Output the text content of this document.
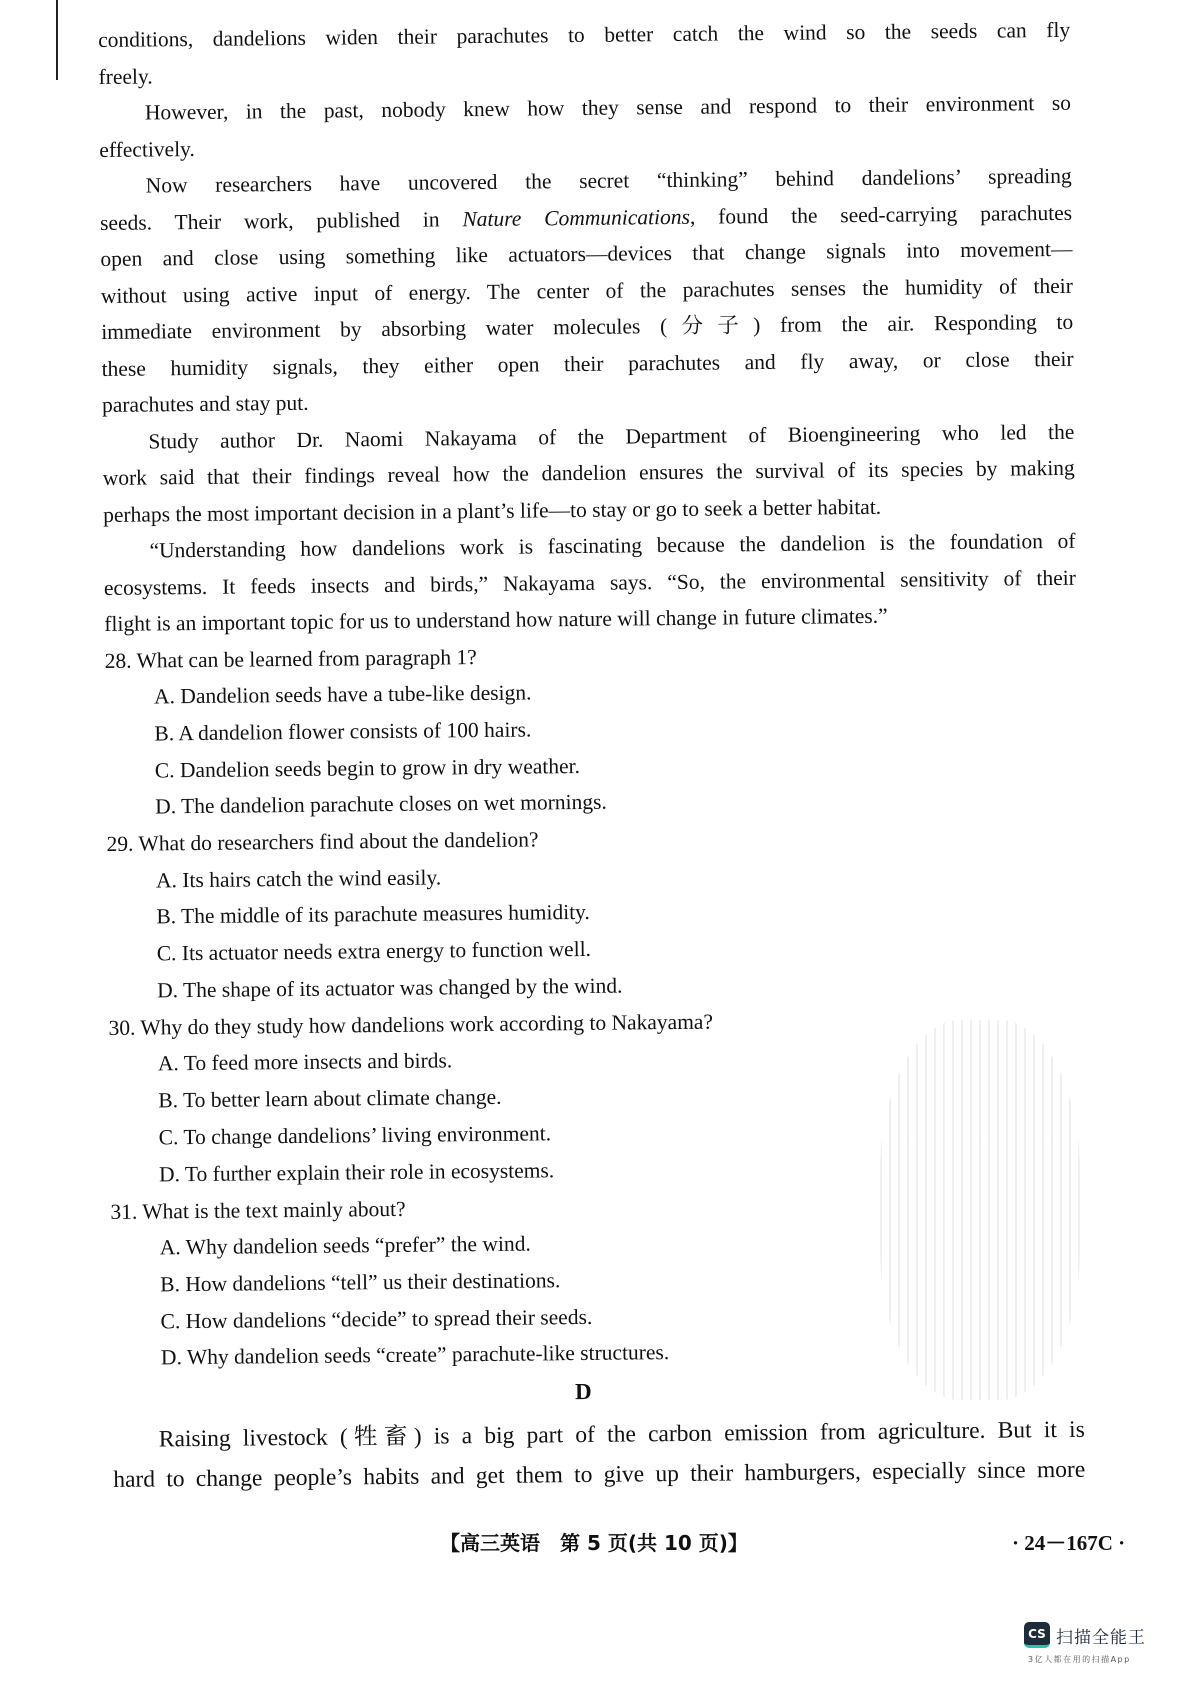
conditions, dandelions widen their parachutes to better catch the wind so the seeds can fly
freely.
However, in the past, nobody knew how they sense and respond to their environment so
effectively.
Now researchers have uncovered the secret “thinking” behind dandelions’ spreading
seeds. Their work, published in Nature Communications, found the seed-carrying parachutes
open and close using something like actuators—devices that change signals into movement—
without using active input of energy. The center of the parachutes senses the humidity of their
immediate environment by absorbing water molecules (分子) from the air. Responding to
these humidity signals, they either open their parachutes and fly away, or close their
parachutes and stay put.
Study author Dr. Naomi Nakayama of the Department of Bioengineering who led the
work said that their findings reveal how the dandelion ensures the survival of its species by making
perhaps the most important decision in a plant’s life—to stay or go to seek a better habitat.
“Understanding how dandelions work is fascinating because the dandelion is the foundation of
ecosystems. It feeds insects and birds,” Nakayama says. “So, the environmental sensitivity of their
flight is an important topic for us to understand how nature will change in future climates.”
28. What can be learned from paragraph 1?
A. Dandelion seeds have a tube-like design.
B. A dandelion flower consists of 100 hairs.
C. Dandelion seeds begin to grow in dry weather.
D. The dandelion parachute closes on wet mornings.
29. What do researchers find about the dandelion?
A. Its hairs catch the wind easily.
B. The middle of its parachute measures humidity.
C. Its actuator needs extra energy to function well.
D. The shape of its actuator was changed by the wind.
30. Why do they study how dandelions work according to Nakayama?
A. To feed more insects and birds.
B. To better learn about climate change.
C. To change dandelions’ living environment.
D. To further explain their role in ecosystems.
31. What is the text mainly about?
A. Why dandelion seeds “prefer” the wind.
B. How dandelions “tell” us their destinations.
C. How dandelions “decide” to spread their seeds.
D. Why dandelion seeds “create” parachute-like structures.
D
Raising livestock (牲畜) is a big part of the carbon emission from agriculture. But it is
hard to change people’s habits and get them to give up their hamburgers, especially since more
【高三英语　第 5 页(共 10 页)】	· 24－167C ·
CS 扫描全能王
3亿人都在用的扫描App
